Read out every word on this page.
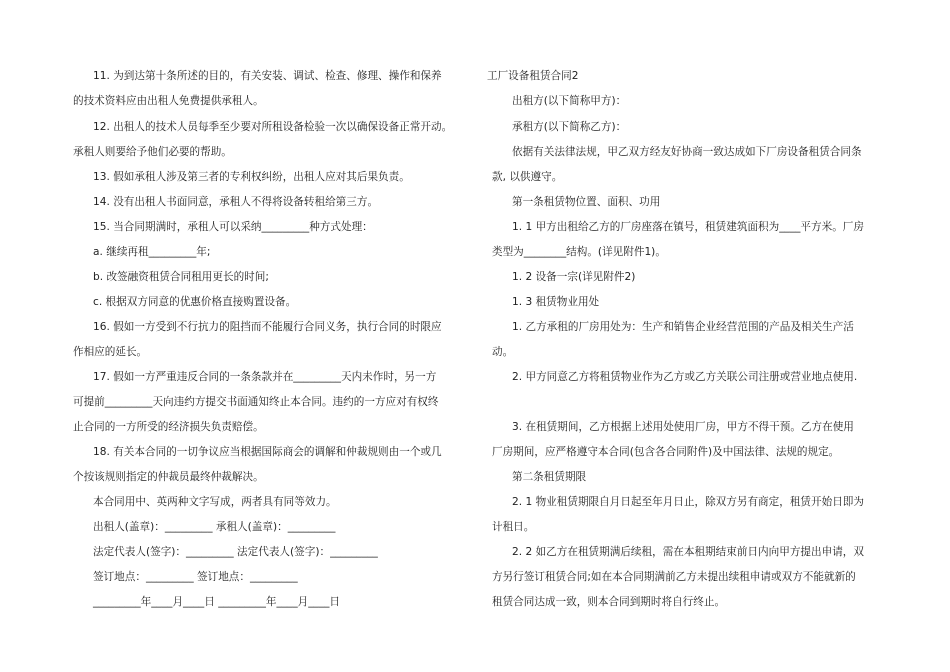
11. 为到达第十条所述的目的，有关安装、调试、检查、修理、操作和保养
的技术资料应由出租人免费提供承租人。
12. 出租人的技术人员每季至少要对所租设备检验一次以确保设备正常开动。
承租人则要给予他们必要的帮助。
13. 假如承租人涉及第三者的专利权纠纷，出租人应对其后果负责。
14. 没有出租人书面同意，承租人不得将设备转租给第三方。
15. 当合同期满时，承租人可以采纳_________种方式处理：
a. 继续再租_________年;
b. 改签融资租赁合同租用更长的时间;
c. 根据双方同意的优惠价格直接购置设备。
16. 假如一方受到不行抗力的阻挡而不能履行合同义务，执行合同的时限应
作相应的延长。
17. 假如一方严重违反合同的一条条款并在_________天内未作时，另一方
可提前_________天向违约方提交书面通知终止本合同。违约的一方应对有权终
止合同的一方所受的经济损失负责赔偿。
18. 有关本合同的一切争议应当根据国际商会的调解和仲裁规则由一个或几
个按该规则指定的仲裁员最终仲裁解决。
本合同用中、英两种文字写成，两者具有同等效力。
出租人(盖章)：_________ 承租人(盖章)：_________
法定代表人(签字)：_________ 法定代表人(签字)：_________
签订地点：_________ 签订地点：_________
_________年____月____日 _________年____月____日
工厂设备租赁合同2
出租方(以下简称甲方)：
承租方(以下简称乙方)：
依据有关法律法规，甲乙双方经友好协商一致达成如下厂房设备租赁合同条
款, 以供遵守。
第一条租赁物位置、面积、功用
1. 1 甲方出租给乙方的厂房座落在镇号，租赁建筑面积为____平方米。厂房
类型为________结构。(详见附件1)。
1. 2 设备一宗(详见附件2)
1. 3 租赁物业用处
1. 乙方承租的厂房用处为：生产和销售企业经营范围的产品及相关生产活
动。
2. 甲方同意乙方将租赁物业作为乙方或乙方关联公司注册或营业地点使用.
3. 在租赁期间，乙方根据上述用处使用厂房，甲方不得干预。乙方在使用
厂房期间，应严格遵守本合同(包含各合同附件)及中国法律、法规的规定。
第二条租赁期限
2. 1 物业租赁期限自月日起至年月日止，除双方另有商定，租赁开始日即为
计租日。
2. 2 如乙方在租赁期满后续租，需在本租期结束前日内向甲方提出申请，双
方另行签订租赁合同;如在本合同期满前乙方未提出续租申请或双方不能就新的
租赁合同达成一致，则本合同到期时将自行终止。
